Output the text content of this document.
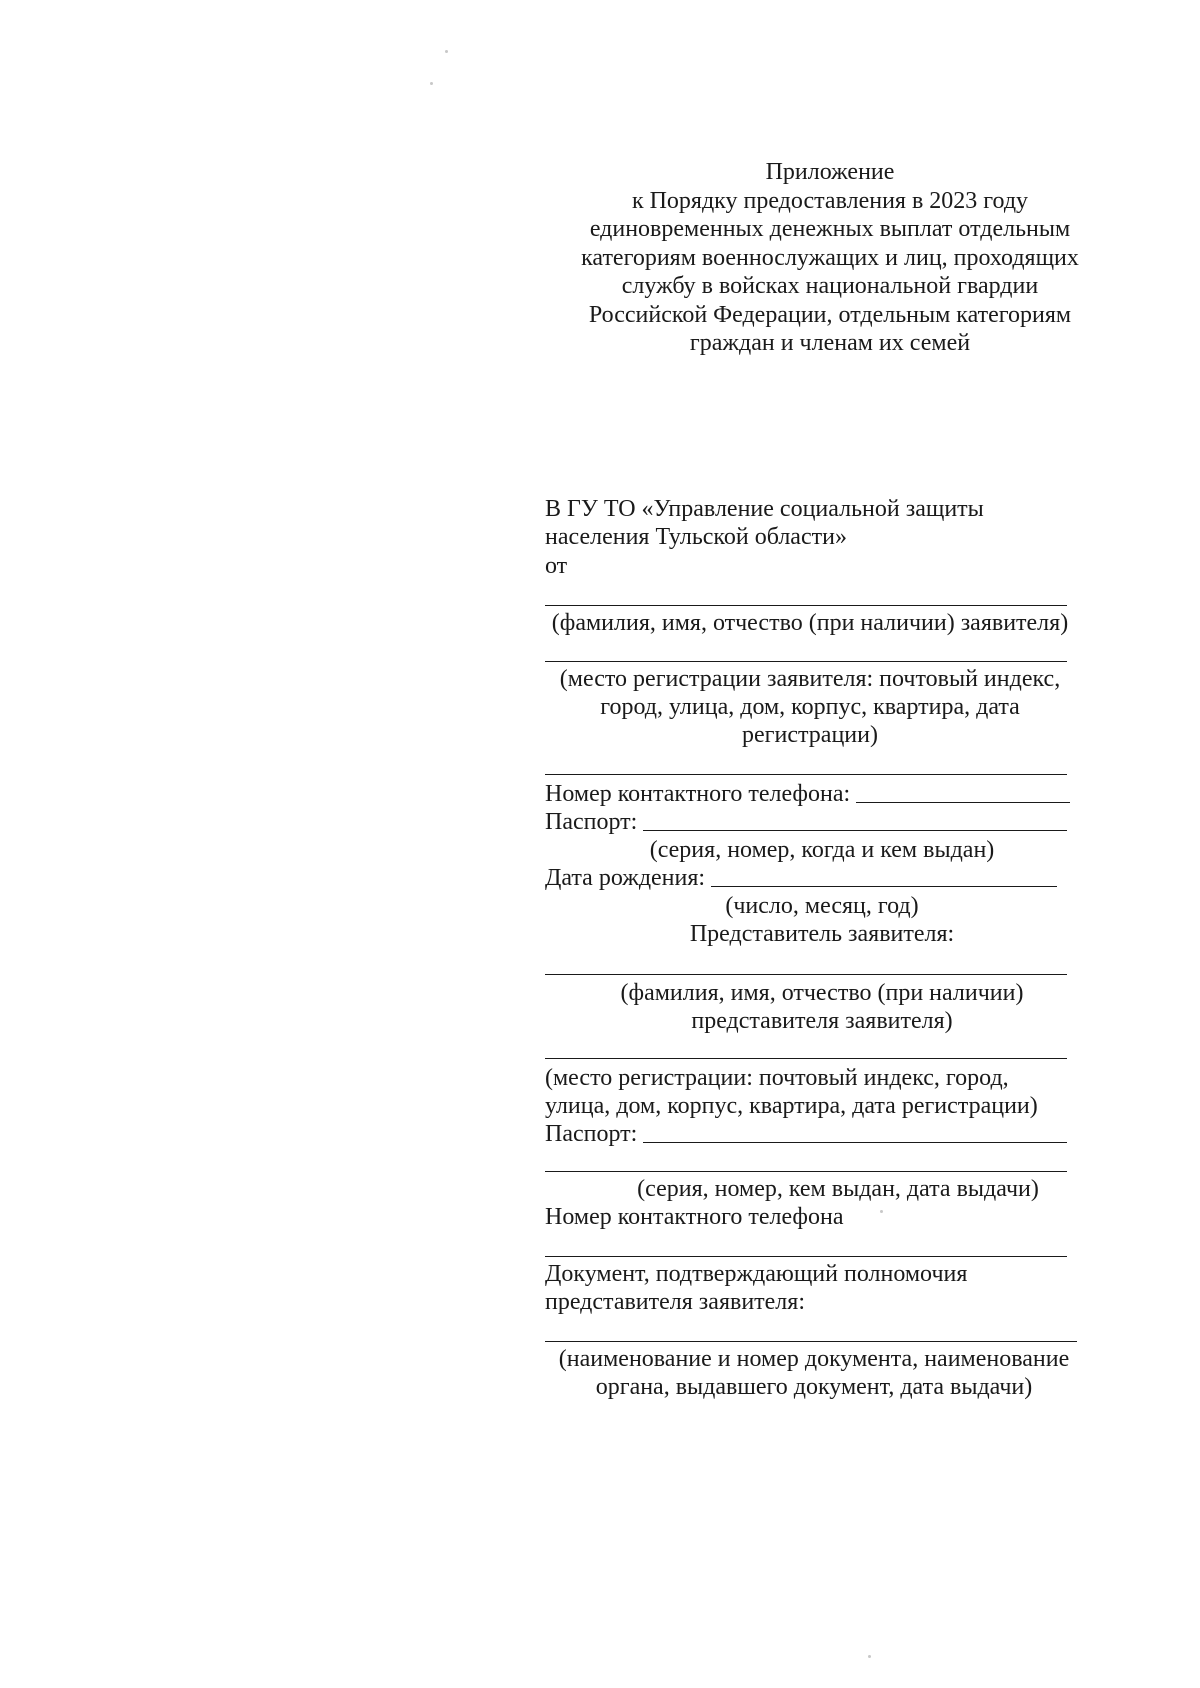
Приложение
к Порядку предоставления в 2023 году
единовременных денежных выплат отдельным
категориям военнослужащих и лиц, проходящих
службу в войсках национальной гвардии
Российской Федерации, отдельным категориям
граждан и членам их семей
В ГУ ТО «Управление социальной защиты
населения Тульской области»
от
(фамилия, имя, отчество (при наличии) заявителя)
(место регистрации заявителя: почтовый индекс,
город, улица, дом, корпус, квартира, дата
регистрации)
Номер контактного телефона:
Паспорт:
(серия, номер, когда и кем выдан)
Дата рождения:
(число, месяц, год)
Представитель заявителя:
(фамилия, имя, отчество (при наличии)
представителя заявителя)
(место регистрации: почтовый индекс, город,
улица, дом, корпус, квартира, дата регистрации)
Паспорт:
(серия, номер, кем выдан, дата выдачи)
Номер контактного телефона
Документ, подтверждающий полномочия
представителя заявителя:
(наименование и номер документа, наименование
органа, выдавшего документ, дата выдачи)
